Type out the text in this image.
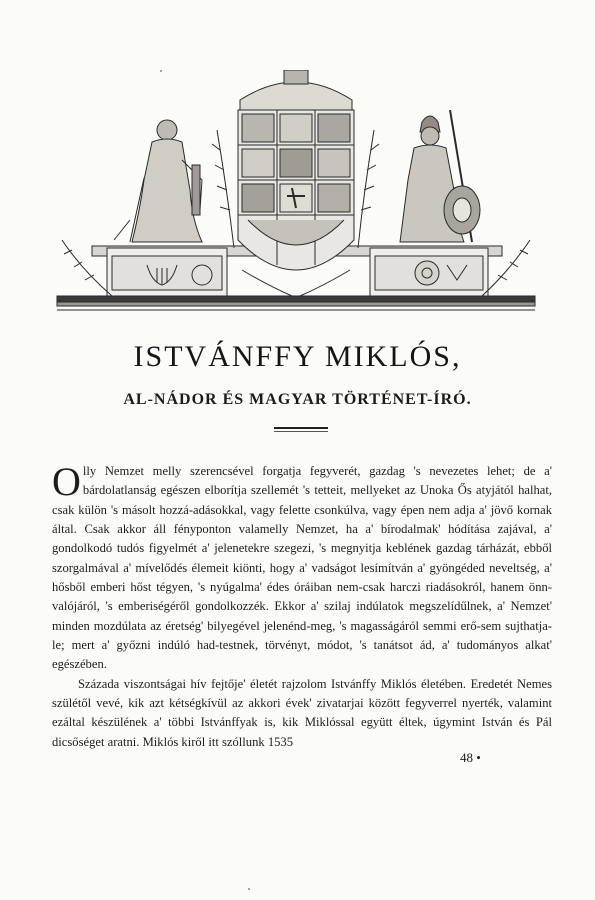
ISTVÁNFFY MIKLÓS,
AL-NÁDOR ÉS MAGYAR TÖRTÉNET-ÍRÓ.

Olly Nemzet melly szerencsével forgatja fegyverét, gazdag 's nevezetes lehet; de a' bárdolatlanság egészen elborítja szellemét 's tetteit, mellyeket az Unoka Ős atyjától halhat, csak külön 's másolt hozzá-adásokkal, vagy felette csonkúlva, vagy épen nem adja a' jövő kornak által. Csak akkor áll fényponton valamelly Nemzet, ha a' bírodalmak' hódítása zajával, a' gondolkodó tudós figyelmét a' jelenetekre szegezi, 's megnyitja keblének gazdag tárházát, ebből szorgalmával a' mívelődés élemeit kiönti, hogy a' vadságot lesímítván a' gyöngéded neveltség, a' hősből emberi hőst tégyen, 's nyúgalma' édes óráiban nem-csak harczi riadásokról, hanem önn-valójáról, 's emberiségéről gondolkozzék. Ekkor a' szilaj indúlatok megszelídűlnek, a' Nemzet' minden mozdúlata az éretség' bilyegével jelenénd-meg, 's magasságáról semmi erő-sem sujthatja-le; mert a' győzni indúló had-testnek, törvényt, módot, 's tanátsot ád, a' tudományos alkat' egészében.

Százada viszontságai hív fejtője' életét rajzolom Istvánffy Miklós életében. Eredetét Nemes szülétől vevé, kik azt kétségkívül az akkori évek' zivatarjai között fegyverrel nyerték, valamint ezáltal készülének a' többi Istvánffyak is, kik Miklóssal együtt éltek, úgymint István és Pál dicsőséget aratni. Miklós kiről itt szóllunk 1535

48 •
